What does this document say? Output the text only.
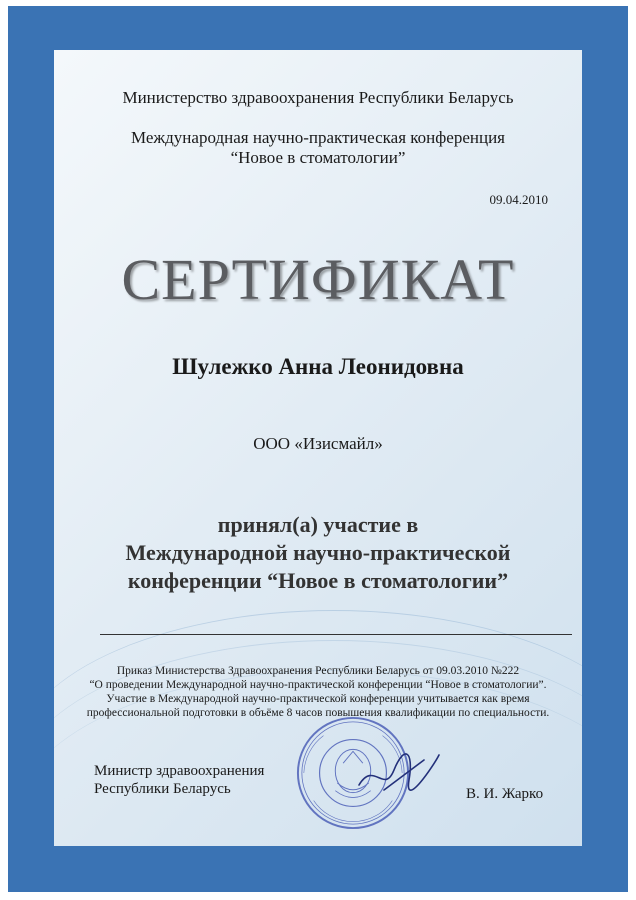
Министерство здравоохранения Республики Беларусь
Международная научно-практическая конференция
“Новое в стоматологии”
09.04.2010
СЕРТИФИКАТ
Шулежко Анна Леонидовна
ООО «Изисмайл»
принял(а) участие в
Международной научно-практической
конференции “Новое в стоматологии”
Приказ Министерства Здравоохранения Республики Беларусь от 09.03.2010 №222
“О проведении Международной научно-практической конференции “Новое в стоматологии”.
Участие в Международной научно-практической конференции учитывается как время
профессиональной подготовки в объёме 8 часов повышения квалификации по специальности.
Министр здравоохранения
Республики Беларусь	В. И. Жарко
